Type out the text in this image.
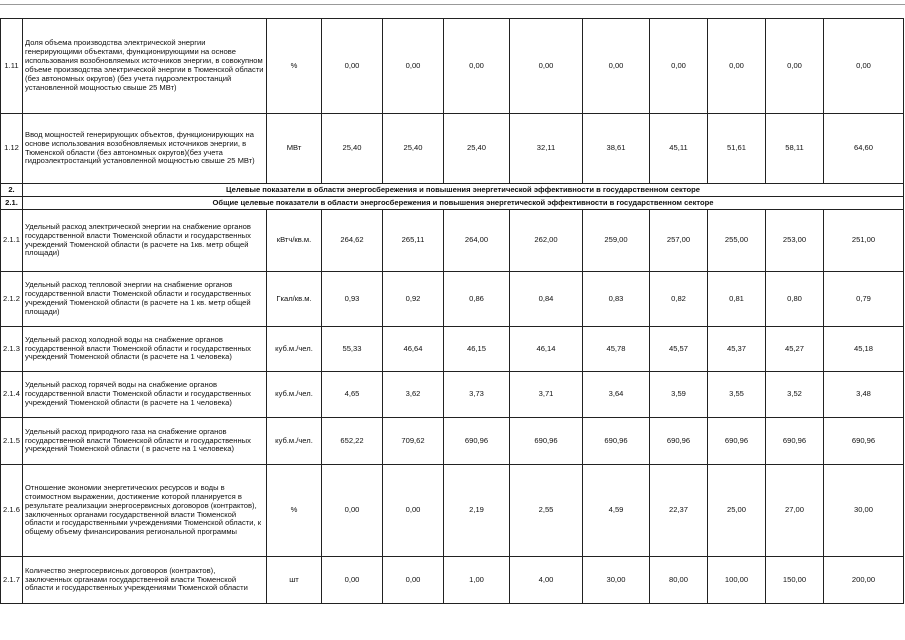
1.11	Доля объема производства электрической энергии генерирующими объектами, функционирующими на основе использования возобновляемых источников энергии, в совокупном объеме производства электрической энергии в Тюменской области (без автономных округов) (без учета гидроэлектростанций установленной мощностью свыше 25 МВт)	%	0,00	0,00	0,00	0,00	0,00	0,00	0,00	0,00	0,00
1.12	Ввод мощностей генерирующих объектов, функционирующих на основе использования возобновляемых источников энергии, в Тюменской области (без автономных округов)(без учета гидроэлектростанций установленной мощностью свыше 25 МВт)	МВт	25,40	25,40	25,40	32,11	38,61	45,11	51,61	58,11	64,60
2.	Целевые показатели в области энергосбережения и повышения энергетической эффективности в государственном секторе										
2.1.	Общие целевые показатели в области энергосбережения и повышения энергетической эффективности в государственном секторе										
2.1.1	Удельный расход электрической энергии на снабжение органов государственной власти Тюменской области и государственных учреждений Тюменской области (в расчете на 1кв. метр общей площади)	кВтч/кв.м.	264,62	265,11	264,00	262,00	259,00	257,00	255,00	253,00	251,00
2.1.2	Удельный расход тепловой энергии на снабжение органов государственной власти Тюменской области и государственных учреждений Тюменской области (в расчете на 1 кв. метр общей площади)	Гкал/кв.м.	0,93	0,92	0,86	0,84	0,83	0,82	0,81	0,80	0,79
2.1.3	Удельный расход холодной воды на снабжение органов государственной власти Тюменской области и государственных учреждений Тюменской области (в расчете на 1 человека)	куб.м./чел.	55,33	46,64	46,15	46,14	45,78	45,57	45,37	45,27	45,18
2.1.4	Удельный расход горячей воды на снабжение органов государственной власти Тюменской области и государственных учреждений Тюменской области (в расчете на 1 человека)	куб.м./чел.	4,65	3,62	3,73	3,71	3,64	3,59	3,55	3,52	3,48
2.1.5	Удельный расход природного газа на снабжение органов государственной власти Тюменской области и государственных учреждений Тюменской области ( в расчете на 1 человека)	куб.м./чел.	652,22	709,62	690,96	690,96	690,96	690,96	690,96	690,96	690,96
2.1.6	Отношение экономии энергетических ресурсов и воды в стоимостном выражении, достижение которой планируется в результате реализации энергосервисных договоров (контрактов), заключенных органами государственной власти Тюменской области и государственными учреждениями Тюменской области, к общему объему финансирования региональной программы	%	0,00	0,00	2,19	2,55	4,59	22,37	25,00	27,00	30,00
2.1.7	Количество энергосервисных договоров (контрактов), заключенных органами государственной власти Тюменской области и государственных учреждениями Тюменской области	шт	0,00	0,00	1,00	4,00	30,00	80,00	100,00	150,00	200,00
